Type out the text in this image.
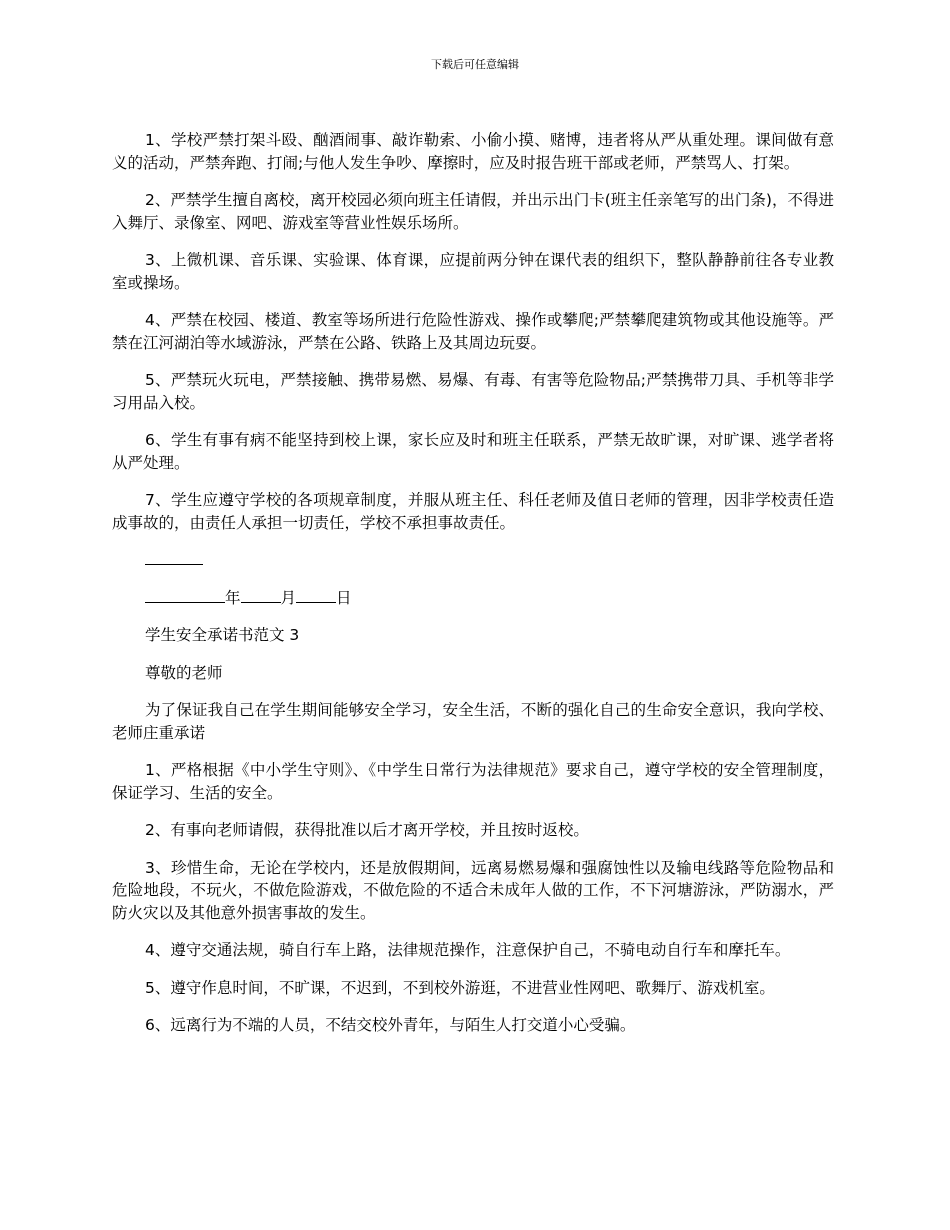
下载后可任意编辑

1、学校严禁打架斗殴、酗酒闹事、敲诈勒索、小偷小摸、赌博，违者将从严从重处理。课间做有意义的活动，严禁奔跑、打闹;与他人发生争吵、摩擦时，应及时报告班干部或老师，严禁骂人、打架。

2、严禁学生擅自离校，离开校园必须向班主任请假，并出示出门卡(班主任亲笔写的出门条)，不得进入舞厅、录像室、网吧、游戏室等营业性娱乐场所。

3、上微机课、音乐课、实验课、体育课，应提前两分钟在课代表的组织下，整队静静前往各专业教室或操场。

4、严禁在校园、楼道、教室等场所进行危险性游戏、操作或攀爬;严禁攀爬建筑物或其他设施等。严禁在江河湖泊等水域游泳，严禁在公路、铁路上及其周边玩耍。

5、严禁玩火玩电，严禁接触、携带易燃、易爆、有毒、有害等危险物品;严禁携带刀具、手机等非学习用品入校。

6、学生有事有病不能坚持到校上课，家长应及时和班主任联系，严禁无故旷课，对旷课、逃学者将从严处理。

7、学生应遵守学校的各项规章制度，并服从班主任、科任老师及值日老师的管理，因非学校责任造成事故的，由责任人承担一切责任，学校不承担事故责任。

年	月	日
学生安全承诺书范文 3
尊敬的老师

为了保证我自己在学生期间能够安全学习，安全生活，不断的强化自己的生命安全意识，我向学校、老师庄重承诺

1、严格根据《中小学生守则》、《中学生日常行为法律规范》要求自己，遵守学校的安全管理制度，保证学习、生活的安全。

2、有事向老师请假，获得批准以后才离开学校，并且按时返校。

3、珍惜生命，无论在学校内，还是放假期间，远离易燃易爆和强腐蚀性以及输电线路等危险物品和危险地段，不玩火，不做危险游戏，不做危险的不适合未成年人做的工作，不下河塘游泳，严防溺水，严防火灾以及其他意外损害事故的发生。

4、遵守交通法规，骑自行车上路，法律规范操作，注意保护自己，不骑电动自行车和摩托车。

5、遵守作息时间，不旷课，不迟到，不到校外游逛，不进营业性网吧、歌舞厅、游戏机室。

6、远离行为不端的人员，不结交校外青年，与陌生人打交道小心受骗。
